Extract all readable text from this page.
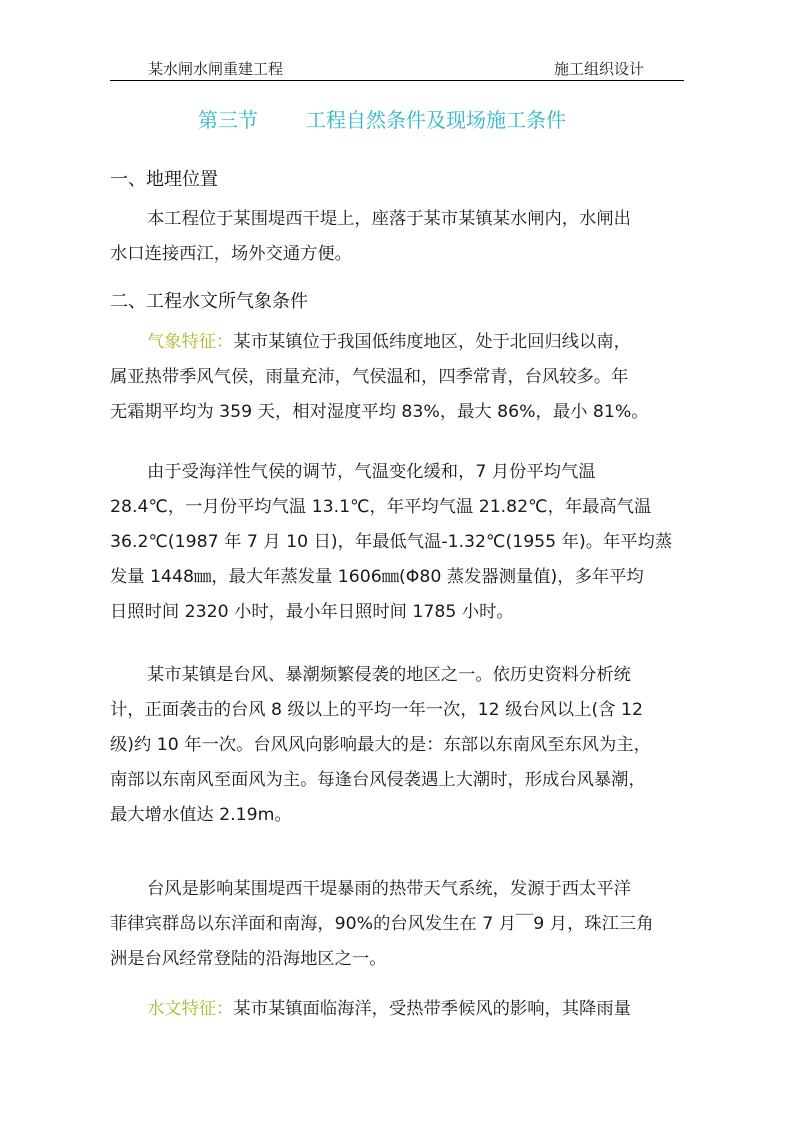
某水闸水闸重建工程	施工组织设计
第三节 工程自然条件及现场施工条件
一、地理位置
本工程位于某围堤西干堤上，座落于某市某镇某水闸内，水闸出
水口连接西江，场外交通方便。
二、工程水文所气象条件
气象特征：某市某镇位于我国低纬度地区，处于北回归线以南，
属亚热带季风气侯，雨量充沛，气侯温和，四季常青，台风较多。年
无霜期平均为 359 天，相对湿度平均 83%，最大 86%，最小 81%。
由于受海洋性气侯的调节，气温变化缓和，7 月份平均气温
28.4℃，一月份平均气温 13.1℃，年平均气温 21.82℃，年最高气温
36.2℃(1987 年 7 月 10 日)，年最低气温-1.32℃(1955 年)。年平均蒸
发量 1448㎜，最大年蒸发量 1606㎜(Φ80 蒸发器测量值)，多年平均
日照时间 2320 小时，最小年日照时间 1785 小时。
某市某镇是台风、暴潮频繁侵袭的地区之一。依历史资料分析统
计，正面袭击的台风 8 级以上的平均一年一次，12 级台风以上(含 12
级)约 10 年一次。台风风向影响最大的是：东部以东南风至东风为主，
南部以东南风至面风为主。每逢台风侵袭遇上大潮时，形成台风暴潮，
最大增水值达 2.19m。
台风是影响某围堤西干堤暴雨的热带天气系统，发源于西太平洋
菲律宾群岛以东洋面和南海，90%的台风发生在 7 月￣9 月，珠江三角
洲是台风经常登陆的沿海地区之一。
水文特征：某市某镇面临海洋，受热带季候风的影响，其降雨量
